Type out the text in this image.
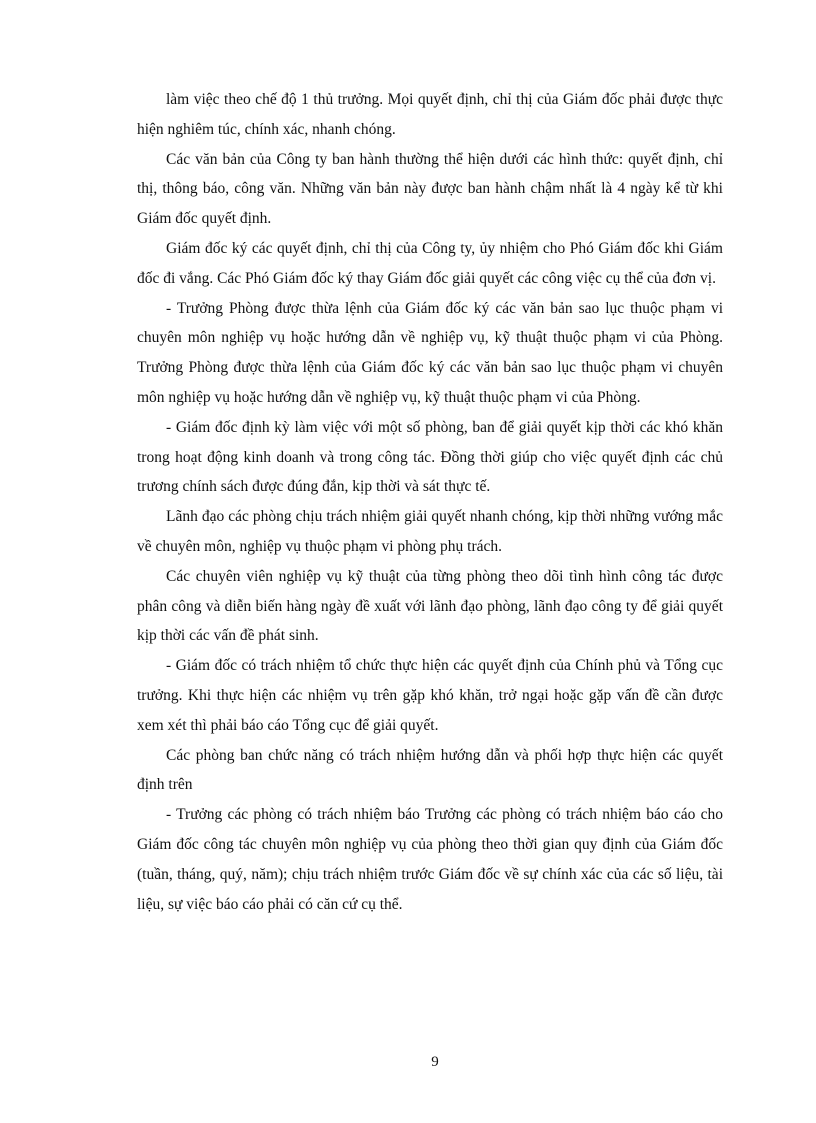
làm việc theo chế độ 1 thủ trưởng. Mọi quyết định, chỉ thị của Giám đốc phải được thực hiện nghiêm túc, chính xác, nhanh chóng.

Các văn bản của Công ty ban hành thường thể hiện dưới các hình thức: quyết định, chỉ thị, thông báo, công văn. Những văn bản này được ban hành chậm nhất là 4 ngày kể từ khi Giám đốc quyết định.

Giám đốc ký các quyết định, chỉ thị của Công ty, ủy nhiệm cho Phó Giám đốc khi Giám đốc đi vắng. Các Phó Giám đốc ký thay Giám đốc giải quyết các công việc cụ thể của đơn vị.

- Trưởng Phòng được thừa lệnh của Giám đốc ký các văn bản sao lục thuộc phạm vi chuyên môn nghiệp vụ hoặc hướng dẫn về nghiệp vụ, kỹ thuật thuộc phạm vi của Phòng. Trưởng Phòng được thừa lệnh của Giám đốc ký các văn bản sao lục thuộc phạm vi chuyên môn nghiệp vụ hoặc hướng dẫn về nghiệp vụ, kỹ thuật thuộc phạm vi của Phòng.

- Giám đốc định kỳ làm việc với một số phòng, ban để giải quyết kịp thời các khó khăn trong hoạt động kinh doanh và trong công tác. Đồng thời giúp cho việc quyết định các chủ trương chính sách được đúng đắn, kịp thời và sát thực tế.

Lãnh đạo các phòng chịu trách nhiệm giải quyết nhanh chóng, kịp thời những vướng mắc về chuyên môn, nghiệp vụ thuộc phạm vi phòng phụ trách.

Các chuyên viên nghiệp vụ kỹ thuật của từng phòng theo dõi tình hình công tác được phân công và diễn biến hàng ngày đề xuất với lãnh đạo phòng, lãnh đạo công ty để giải quyết kịp thời các vấn đề phát sinh.

- Giám đốc có trách nhiệm tổ chức thực hiện các quyết định của Chính phủ và Tổng cục trưởng. Khi thực hiện các nhiệm vụ trên gặp khó khăn, trở ngại hoặc gặp vấn đề cần được xem xét thì phải báo cáo Tổng cục để giải quyết.

Các phòng ban chức năng có trách nhiệm hướng dẫn và phối hợp thực hiện các quyết định trên

- Trưởng các phòng có trách nhiệm báo Trưởng các phòng có trách nhiệm báo cáo cho Giám đốc công tác chuyên môn nghiệp vụ của phòng theo thời gian quy định của Giám đốc (tuần, tháng, quý, năm); chịu trách nhiệm trước Giám đốc về sự chính xác của các số liệu, tài liệu, sự việc báo cáo phải có căn cứ cụ thể.

9
